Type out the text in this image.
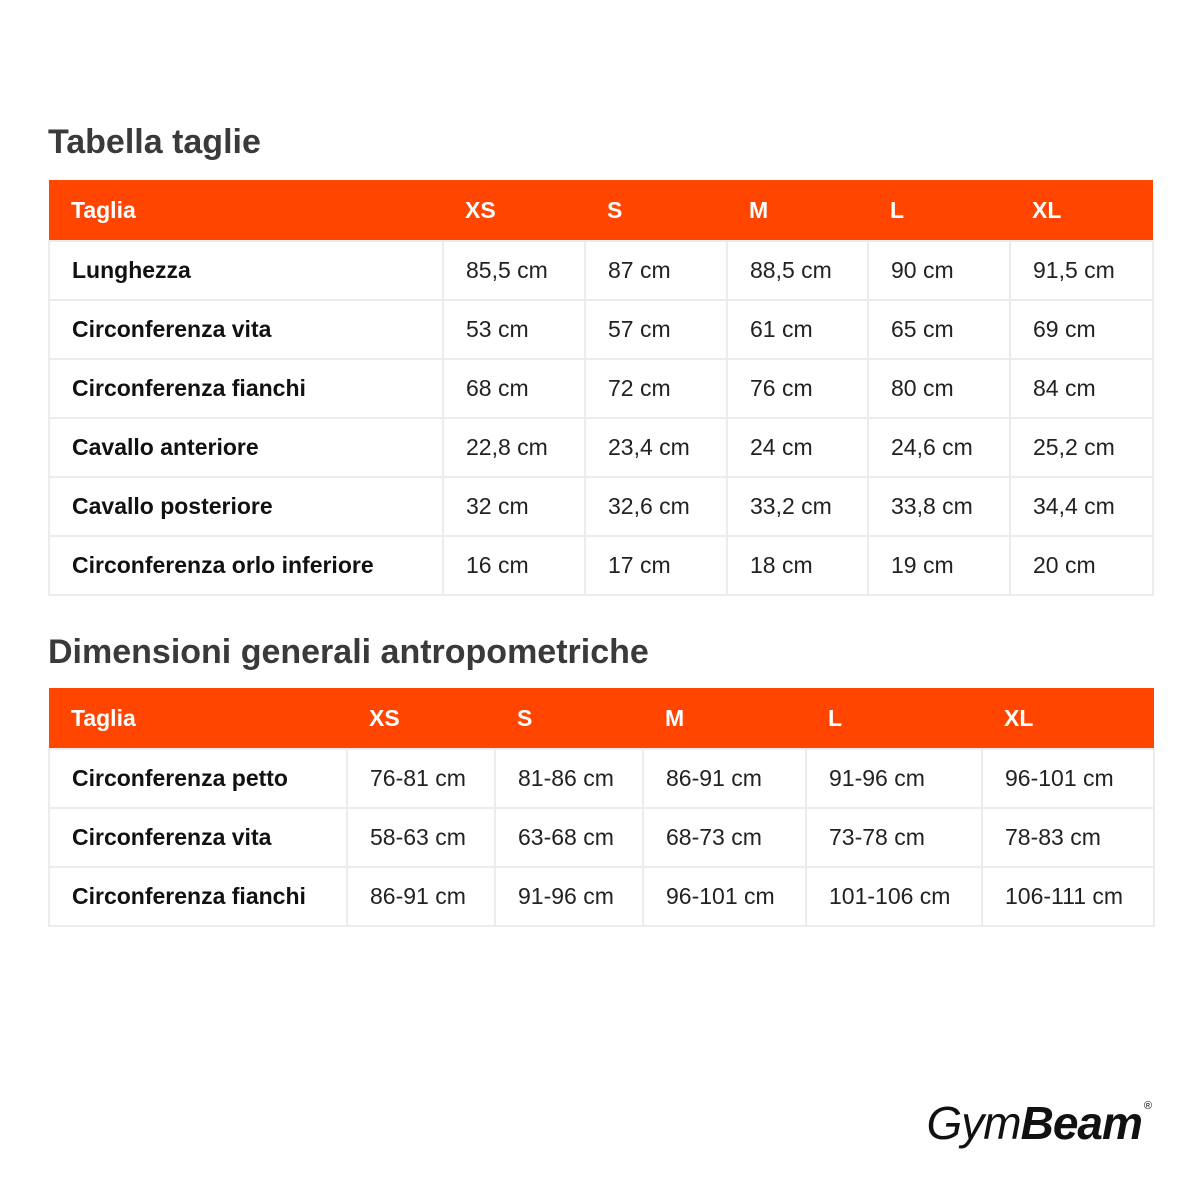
Tabella taglie
Taglia	XS	S	M	L	XL
Lunghezza	85,5 cm	87 cm	88,5 cm	90 cm	91,5 cm
Circonferenza vita	53 cm	57 cm	61 cm	65 cm	69 cm
Circonferenza fianchi	68 cm	72 cm	76 cm	80 cm	84 cm
Cavallo anteriore	22,8 cm	23,4 cm	24 cm	24,6 cm	25,2 cm
Cavallo posteriore	32 cm	32,6 cm	33,2 cm	33,8 cm	34,4 cm
Circonferenza orlo inferiore	16 cm	17 cm	18 cm	19 cm	20 cm
Dimensioni generali antropometriche
Taglia	XS	S	M	L	XL
Circonferenza petto	76-81 cm	81-86 cm	86-91 cm	91-96 cm	96-101 cm
Circonferenza vita	58-63 cm	63-68 cm	68-73 cm	73-78 cm	78-83 cm
Circonferenza fianchi	86-91 cm	91-96 cm	96-101 cm	101-106 cm	106-111 cm
Gym Beam ®
